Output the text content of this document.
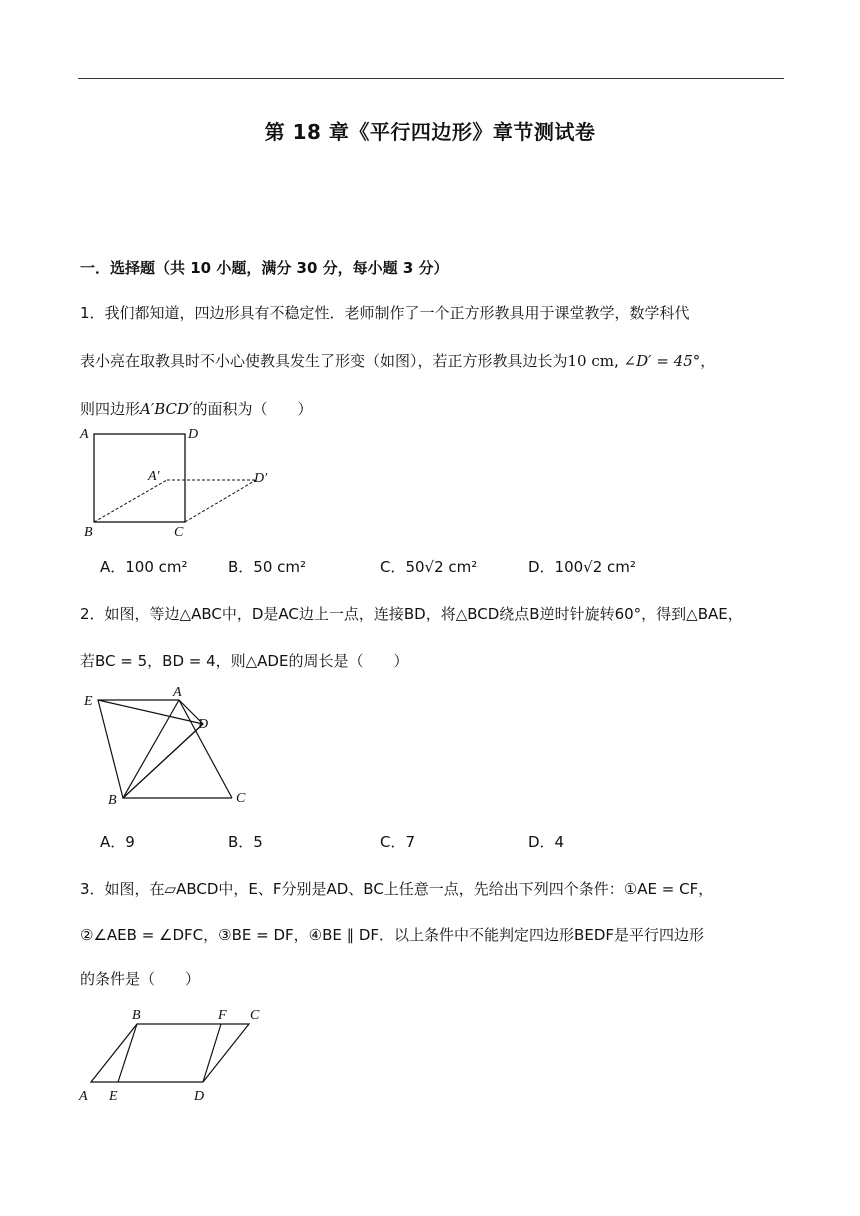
第 18 章《平行四边形》章节测试卷
一．选择题（共 10 小题，满分 30 分，每小题 3 分）
1．我们都知道，四边形具有不稳定性．老师制作了一个正方形教具用于课堂教学，数学科代
表小亮在取教具时不小心使教具发生了形变（如图），若正方形教具边长为10 cm, ∠D′ = 45°，
则四边形A′BCD′的面积为（　　）
A	D
A′	D′
B	C
A．100 cm²	B．50 cm²	C．50√2 cm²	D．100√2 cm²
2．如图，等边△ABC中，D是AC边上一点，连接BD，将△BCD绕点B逆时针旋转60°，得到△BAE，
若BC = 5，BD = 4，则△ADE的周长是（　　）
E
A
D
B	C
A．9	B．5	C．7	D．4
3．如图，在▱ABCD中，E、F分别是AD、BC上任意一点，先给出下列四个条件：①AE = CF，
②∠AEB = ∠DFC，③BE = DF，④BE ∥ DF．以上条件中不能判定四边形BEDF是平行四边形
的条件是（　　）
B	F C
A E	D
